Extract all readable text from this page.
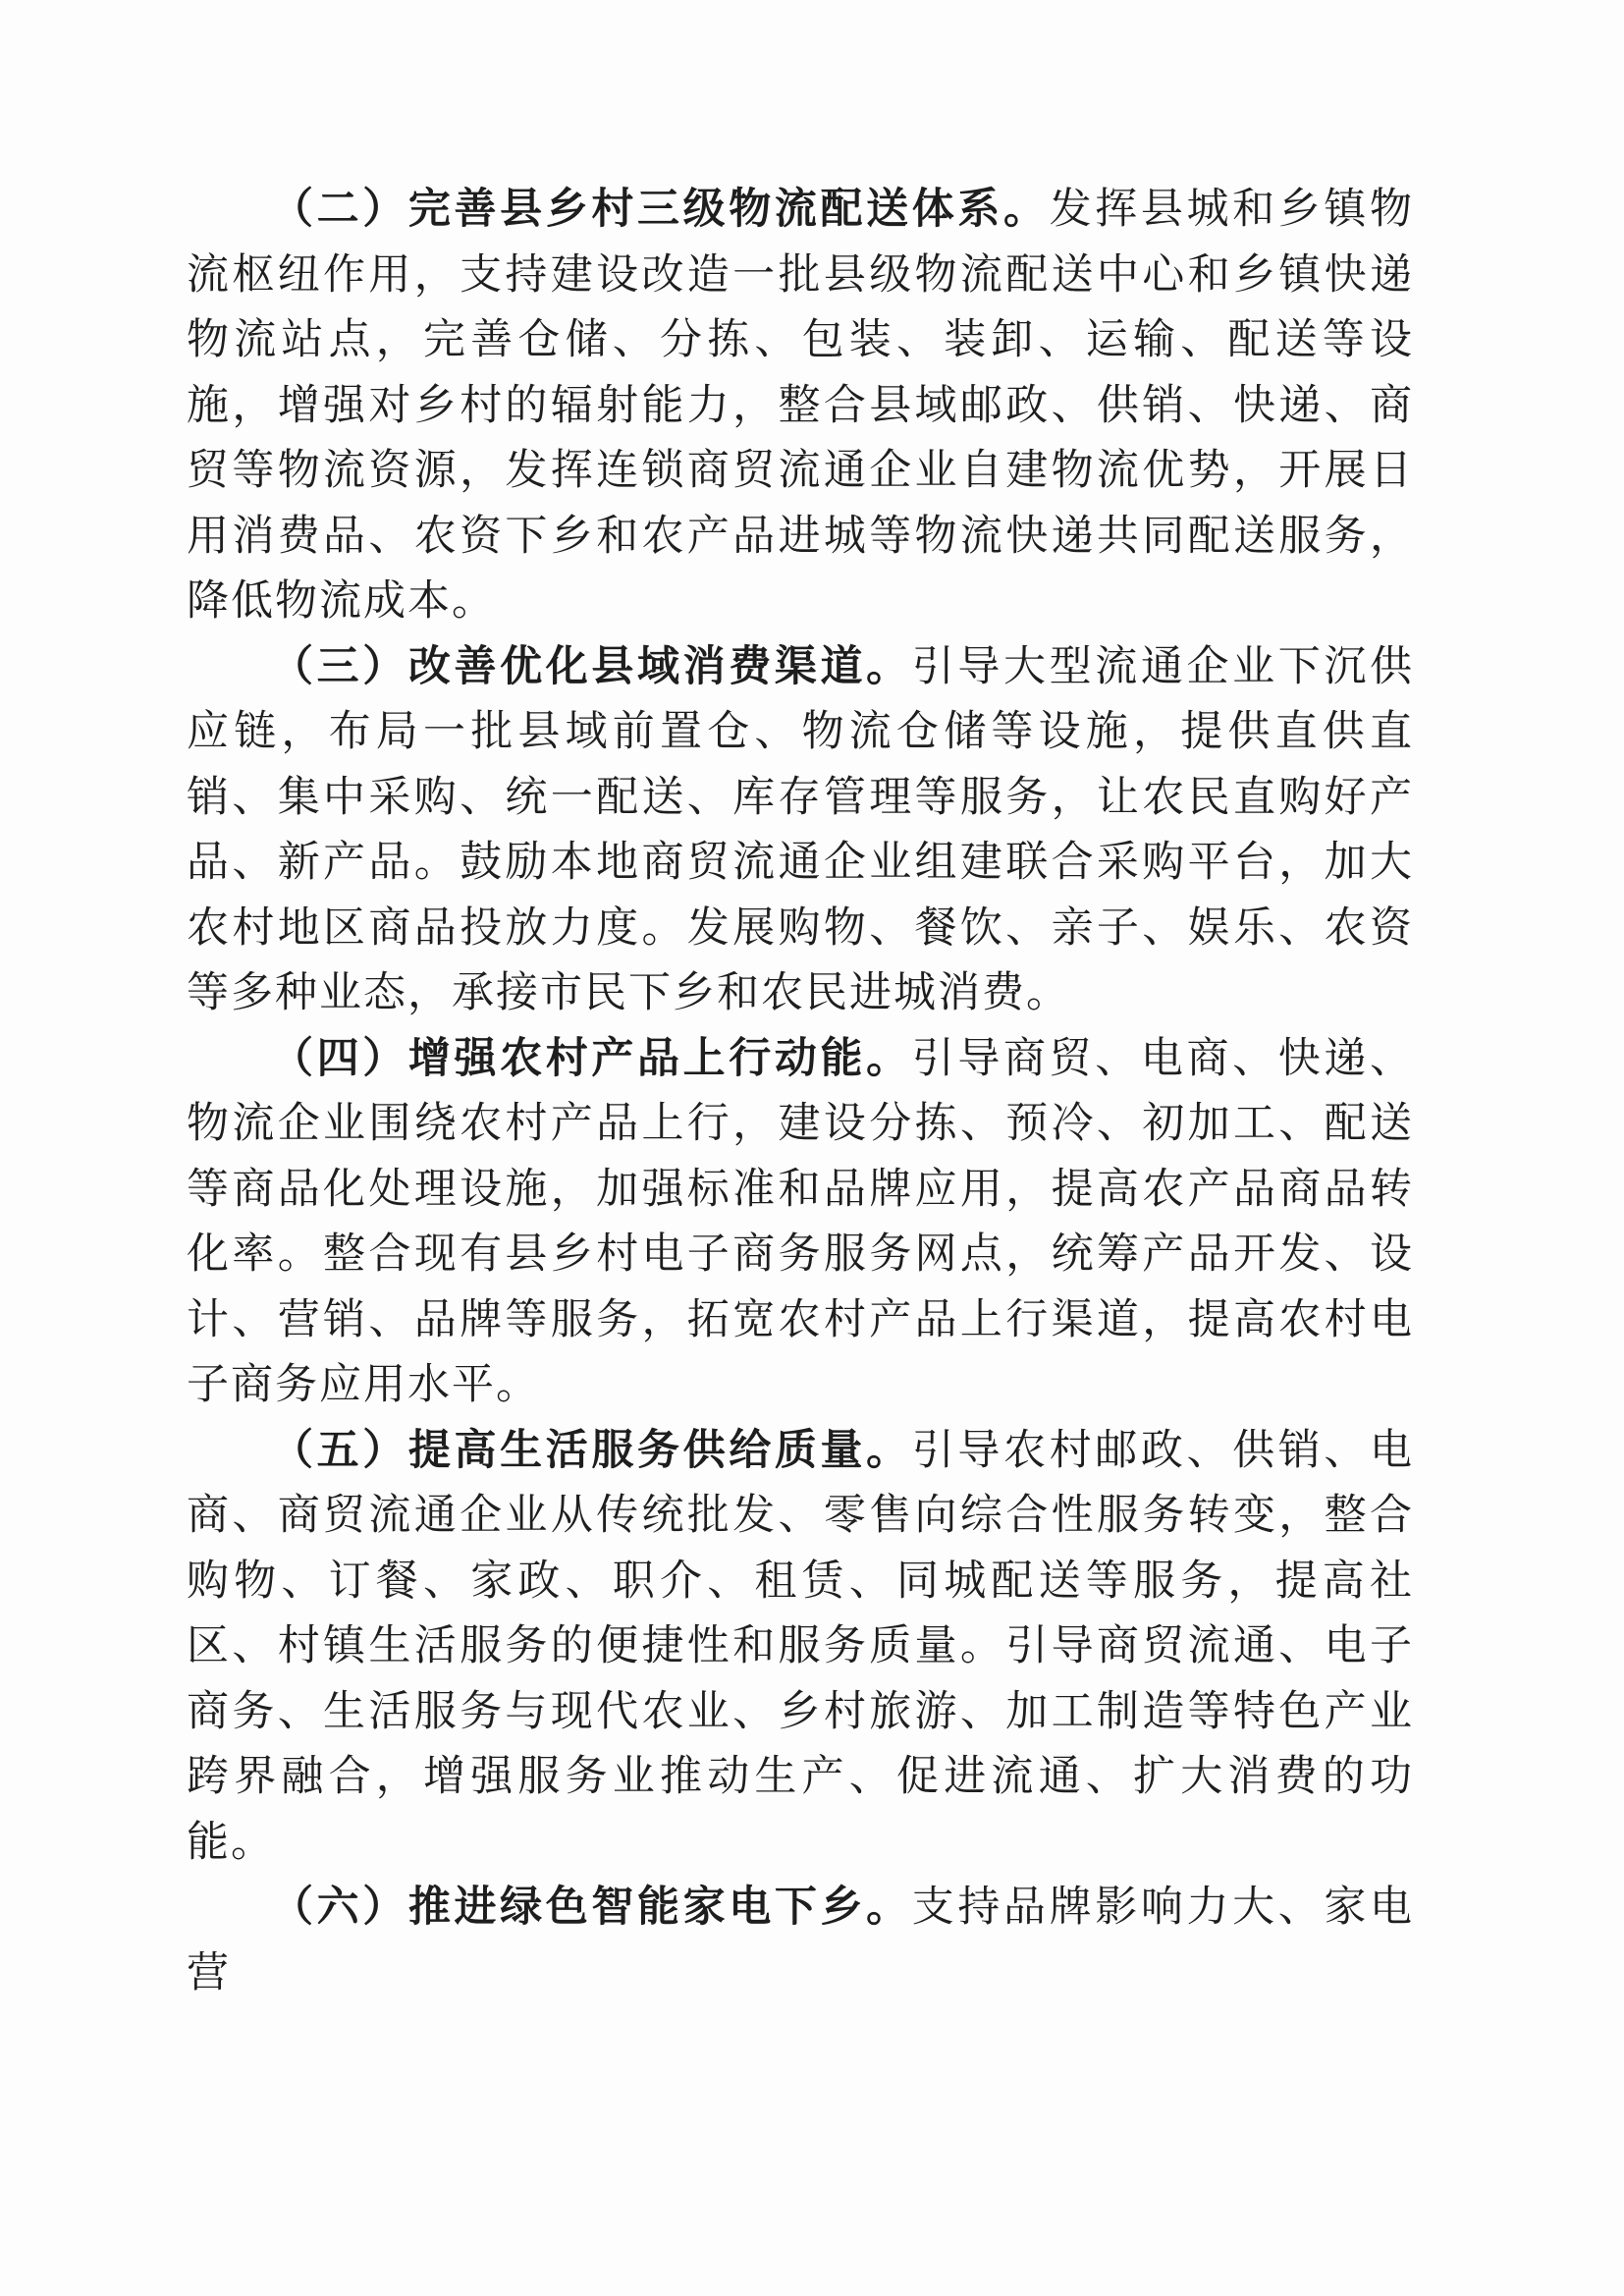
（二）完善县乡村三级物流配送体系。发挥县城和乡镇物流枢纽作用，支持建设改造一批县级物流配送中心和乡镇快递物流站点，完善仓储、分拣、包装、装卸、运输、配送等设施，增强对乡村的辐射能力，整合县域邮政、供销、快递、商贸等物流资源，发挥连锁商贸流通企业自建物流优势，开展日用消费品、农资下乡和农产品进城等物流快递共同配送服务，降低物流成本。

（三）改善优化县域消费渠道。引导大型流通企业下沉供应链，布局一批县域前置仓、物流仓储等设施，提供直供直销、集中采购、统一配送、库存管理等服务，让农民直购好产品、新产品。鼓励本地商贸流通企业组建联合采购平台，加大农村地区商品投放力度。发展购物、餐饮、亲子、娱乐、农资等多种业态，承接市民下乡和农民进城消费。

（四）增强农村产品上行动能。引导商贸、电商、快递、物流企业围绕农村产品上行，建设分拣、预冷、初加工、配送等商品化处理设施，加强标准和品牌应用，提高农产品商品转化率。整合现有县乡村电子商务服务网点，统筹产品开发、设计、营销、品牌等服务，拓宽农村产品上行渠道，提高农村电子商务应用水平。

（五）提高生活服务供给质量。引导农村邮政、供销、电商、商贸流通企业从传统批发、零售向综合性服务转变，整合购物、订餐、家政、职介、租赁、同城配送等服务，提高社区、村镇生活服务的便捷性和服务质量。引导商贸流通、电子商务、生活服务与现代农业、乡村旅游、加工制造等特色产业跨界融合，增强服务业推动生产、促进流通、扩大消费的功能。

（六）推进绿色智能家电下乡。支持品牌影响力大、家电营
